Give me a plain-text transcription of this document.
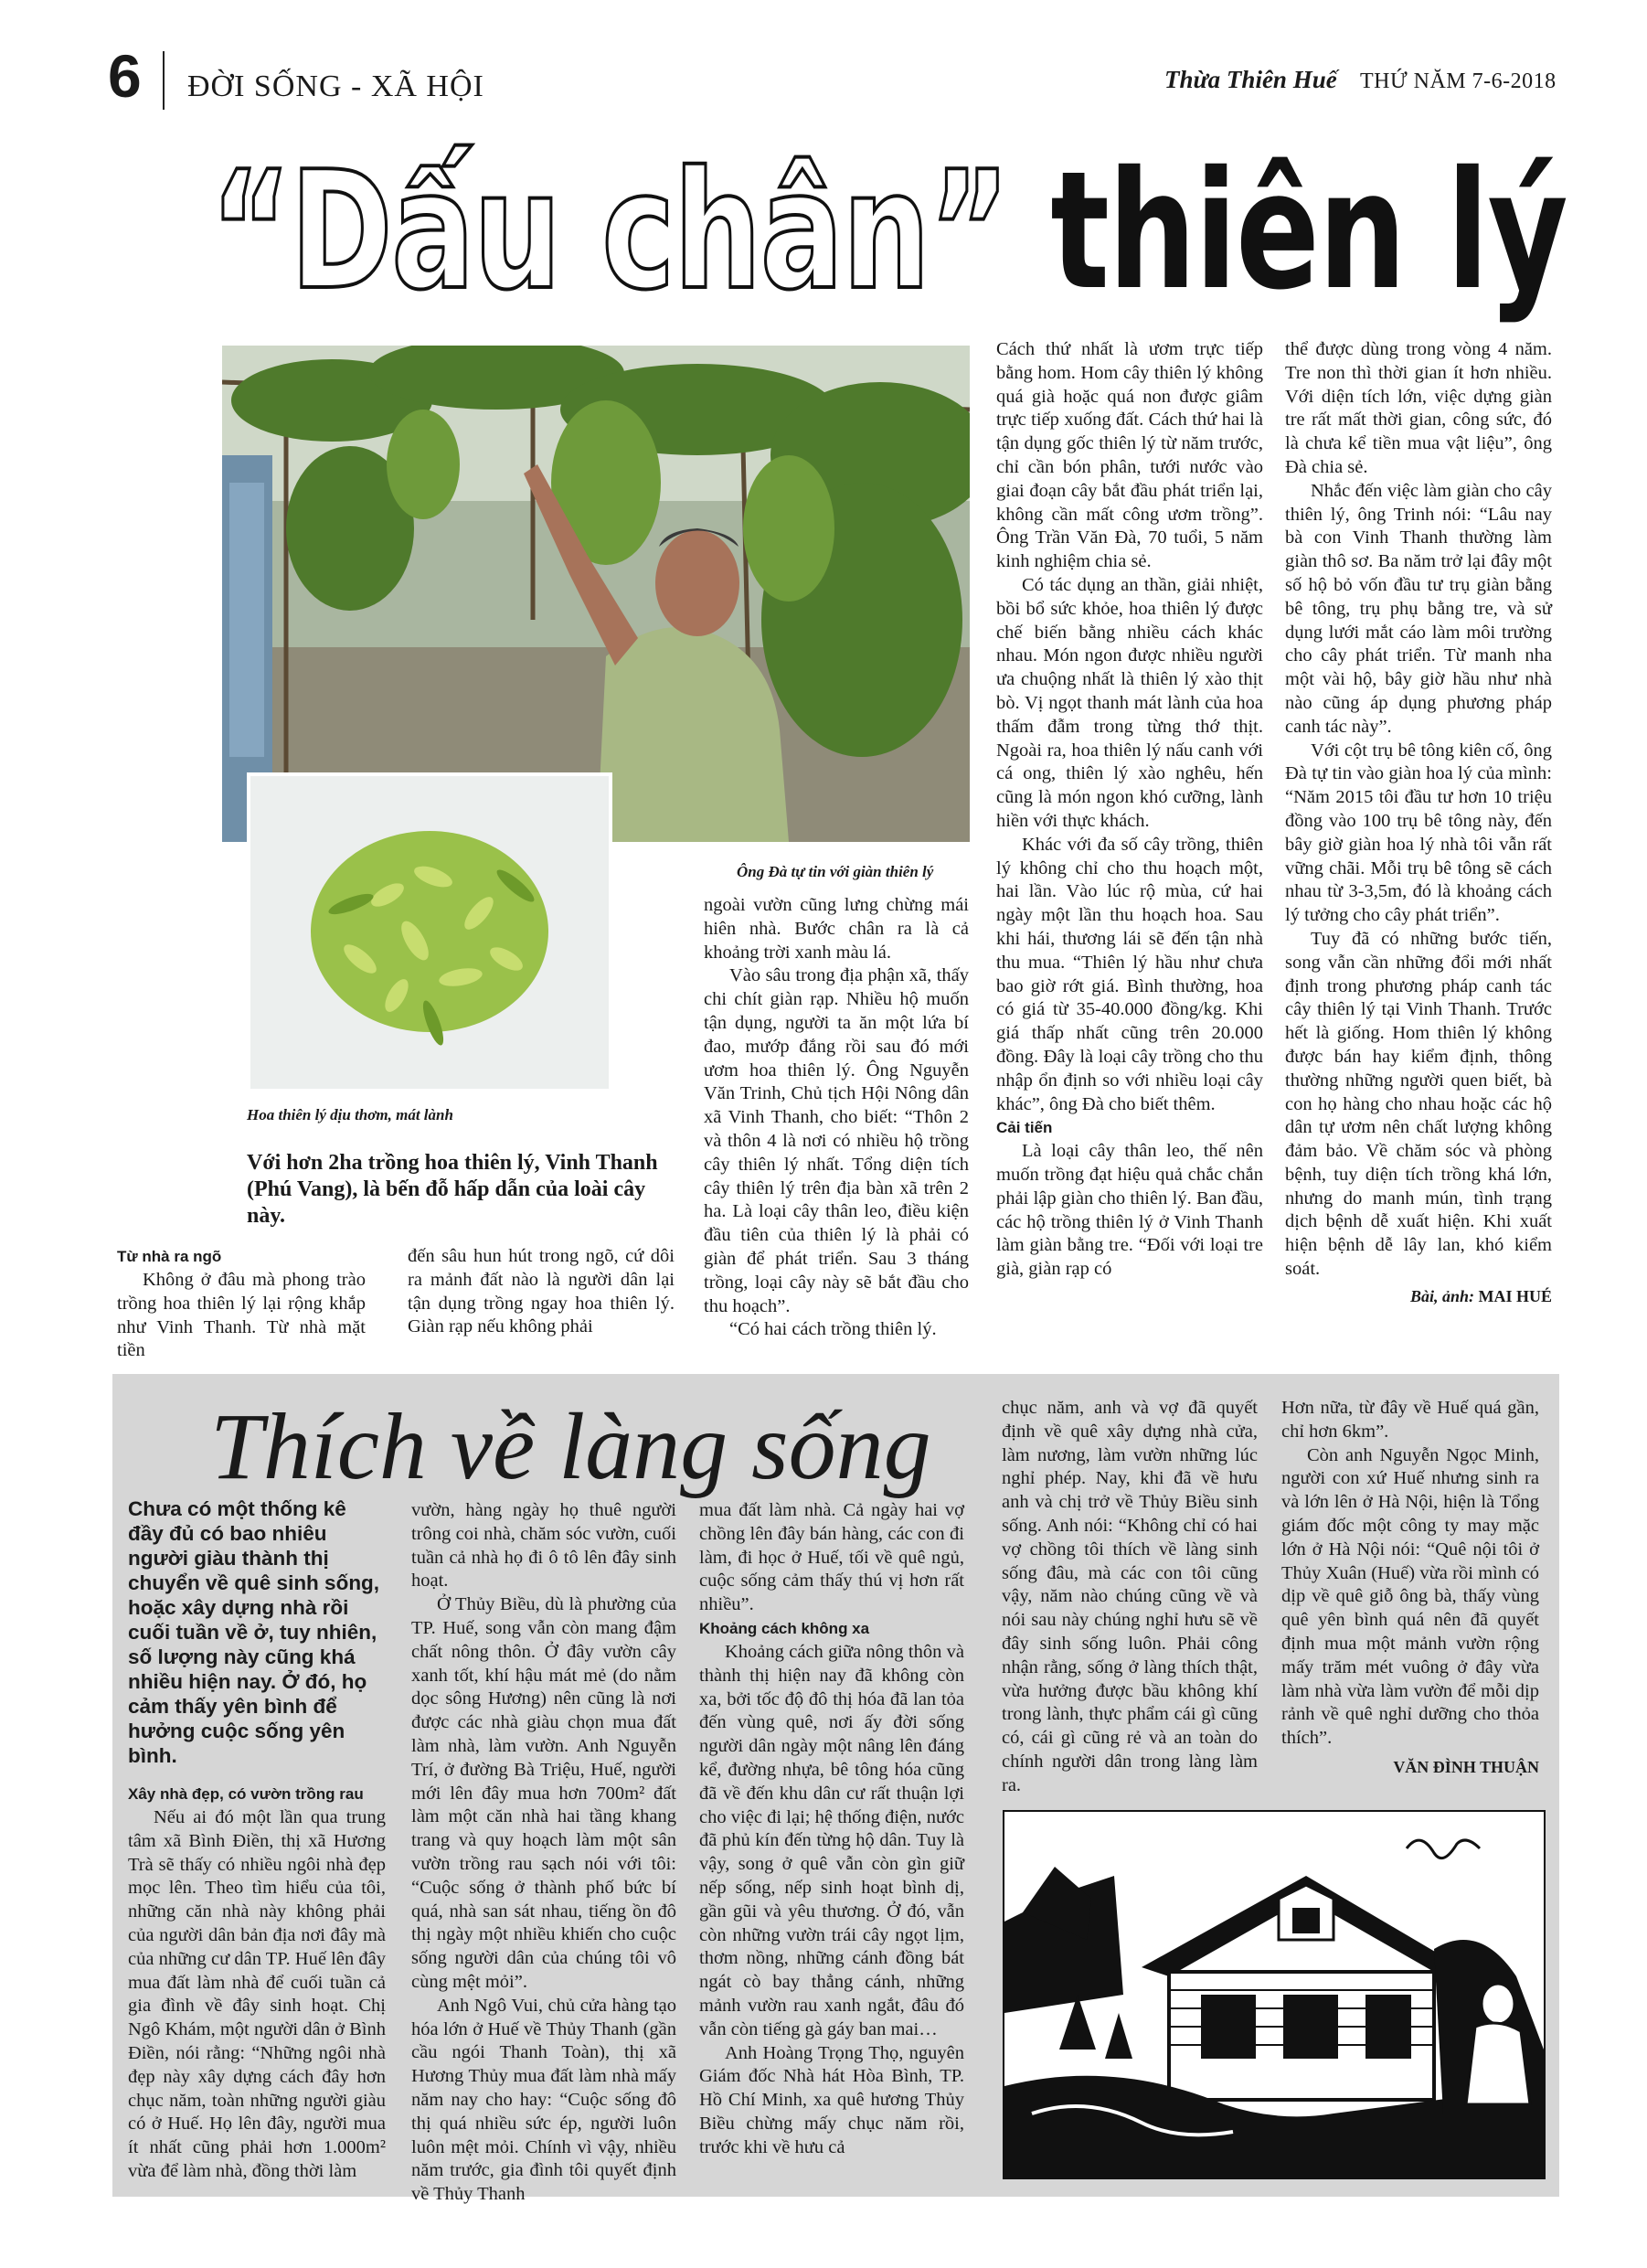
6 ĐỜI SỐNG - XÃ HỘI	Thừa Thiên Huế THỨ NĂM 7-6-2018
“Dấu chân” thiên lý
Ông Đà tự tin với giàn thiên lý
Hoa thiên lý dịu thơm, mát lành
Với hơn 2ha trồng hoa thiên lý, Vinh Thanh (Phú Vang), là bến đỗ hấp dẫn của loài cây này.

Từ nhà ra ngõ

Không ở đâu mà phong trào trồng hoa thiên lý lại rộng khắp như Vinh Thanh. Từ nhà mặt tiền

đến sâu hun hút trong ngõ, cứ dôi ra mảnh đất nào là người dân lại tận dụng trồng ngay hoa thiên lý. Giàn rạp nếu không phải

ngoài vườn cũng lưng chừng mái hiên nhà. Bước chân ra là cả khoảng trời xanh màu lá.

Vào sâu trong địa phận xã, thấy chi chít giàn rạp. Nhiều hộ muốn tận dụng, người ta ăn một lứa bí đao, mướp đắng rồi sau đó mới ươm hoa thiên lý. Ông Nguyễn Văn Trinh, Chủ tịch Hội Nông dân xã Vinh Thanh, cho biết: “Thôn 2 và thôn 4 là nơi có nhiều hộ trồng cây thiên lý nhất. Tổng diện tích cây thiên lý trên địa bàn xã trên 2 ha. Là loại cây thân leo, điều kiện đầu tiên của thiên lý là phải có giàn để phát triển. Sau 3 tháng trồng, loại cây này sẽ bắt đầu cho thu hoạch”.

“Có hai cách trồng thiên lý.

Cách thứ nhất là ươm trực tiếp bằng hom. Hom cây thiên lý không quá già hoặc quá non được giâm trực tiếp xuống đất. Cách thứ hai là tận dụng gốc thiên lý từ năm trước, chỉ cần bón phân, tưới nước vào giai đoạn cây bắt đầu phát triển lại, không cần mất công ươm trồng”. Ông Trần Văn Đà, 70 tuổi, 5 năm kinh nghiệm chia sẻ.

Có tác dụng an thần, giải nhiệt, bồi bổ sức khỏe, hoa thiên lý được chế biến bằng nhiều cách khác nhau. Món ngon được nhiều người ưa chuộng nhất là thiên lý xào thịt bò. Vị ngọt thanh mát lành của hoa thấm đẫm trong từng thớ thịt. Ngoài ra, hoa thiên lý nấu canh với cá ong, thiên lý xào nghêu, hến cũng là món ngon khó cưỡng, lành hiền với thực khách.

Khác với đa số cây trồng, thiên lý không chỉ cho thu hoạch một, hai lần. Vào lúc rộ mùa, cứ hai ngày một lần thu hoạch hoa. Sau khi hái, thương lái sẽ đến tận nhà thu mua. “Thiên lý hầu như chưa bao giờ rớt giá. Bình thường, hoa có giá từ 35-40.000 đồng/kg. Khi giá thấp nhất cũng trên 20.000 đồng. Đây là loại cây trồng cho thu nhập ổn định so với nhiều loại cây khác”, ông Đà cho biết thêm.

Cải tiến

Là loại cây thân leo, thế nên muốn trồng đạt hiệu quả chắc chắn phải lập giàn cho thiên lý. Ban đầu, các hộ trồng thiên lý ở Vinh Thanh làm giàn bằng tre. “Đối với loại tre già, giàn rạp có

thể được dùng trong vòng 4 năm. Tre non thì thời gian ít hơn nhiều. Với diện tích lớn, việc dựng giàn tre rất mất thời gian, công sức, đó là chưa kể tiền mua vật liệu”, ông Đà chia sẻ.

Nhắc đến việc làm giàn cho cây thiên lý, ông Trinh nói: “Lâu nay bà con Vinh Thanh thường làm giàn thô sơ. Ba năm trở lại đây một số hộ bỏ vốn đầu tư trụ giàn bằng bê tông, trụ phụ bằng tre, và sử dụng lưới mắt cáo làm môi trường cho cây phát triển. Từ manh nha một vài hộ, bây giờ hầu như nhà nào cũng áp dụng phương pháp canh tác này”.

Với cột trụ bê tông kiên cố, ông Đà tự tin vào giàn hoa lý của mình: “Năm 2015 tôi đầu tư hơn 10 triệu đồng vào 100 trụ bê tông này, đến bây giờ giàn hoa lý nhà tôi vẫn rất vững chãi. Mỗi trụ bê tông sẽ cách nhau từ 3-3,5m, đó là khoảng cách lý tưởng cho cây phát triển”.

Tuy đã có những bước tiến, song vẫn cần những đổi mới nhất định trong phương pháp canh tác cây thiên lý tại Vinh Thanh. Trước hết là giống. Hom thiên lý không được bán hay kiểm định, thông thường những người quen biết, bà con họ hàng cho nhau hoặc các hộ dân tự ươm nên chất lượng không đảm bảo. Về chăm sóc và phòng bệnh, tuy diện tích trồng khá lớn, nhưng do manh mún, tình trạng dịch bệnh dễ xuất hiện. Khi xuất hiện bệnh dễ lây lan, khó kiểm soát.

Bài, ảnh: MAI HUÉ
Thích về làng sống
Chưa có một thống kê đầy đủ có bao nhiêu người giàu thành thị chuyển về quê sinh sống, hoặc xây dựng nhà rồi cuối tuần về ở, tuy nhiên, số lượng này cũng khá nhiều hiện nay. Ở đó, họ cảm thấy yên bình để hưởng cuộc sống yên bình.

Xây nhà đẹp, có vườn trồng rau

Nếu ai đó một lần qua trung tâm xã Bình Điền, thị xã Hương Trà sẽ thấy có nhiều ngôi nhà đẹp mọc lên. Theo tìm hiểu của tôi, những căn nhà này không phải của người dân bản địa nơi đây mà của những cư dân TP. Huế lên đây mua đất làm nhà để cuối tuần cả gia đình về đây sinh hoạt. Chị Ngô Khám, một người dân ở Bình Điền, nói rằng: “Những ngôi nhà đẹp này xây dựng cách đây hơn chục năm, toàn những người giàu có ở Huế. Họ lên đây, người mua ít nhất cũng phải hơn 1.000m² vừa để làm nhà, đồng thời làm

vườn, hàng ngày họ thuê người trông coi nhà, chăm sóc vườn, cuối tuần cả nhà họ đi ô tô lên đây sinh hoạt.

Ở Thủy Biều, dù là phường của TP. Huế, song vẫn còn mang đậm chất nông thôn. Ở đây vườn cây xanh tốt, khí hậu mát mẻ (do nằm dọc sông Hương) nên cũng là nơi được các nhà giàu chọn mua đất làm nhà, làm vườn. Anh Nguyễn Trí, ở đường Bà Triệu, Huế, người mới lên đây mua hơn 700m² đất làm một căn nhà hai tầng khang trang và quy hoạch làm một sân vườn trồng rau sạch nói với tôi: “Cuộc sống ở thành phố bức bí quá, nhà san sát nhau, tiếng ồn đô thị ngày một nhiều khiến cho cuộc sống người dân của chúng tôi vô cùng mệt mỏi”.

Anh Ngô Vui, chủ cửa hàng tạo hóa lớn ở Huế về Thủy Thanh (gần cầu ngói Thanh Toàn), thị xã Hương Thủy mua đất làm nhà mấy năm nay cho hay: “Cuộc sống đô thị quá nhiều sức ép, người luôn luôn mệt mỏi. Chính vì vậy, nhiều năm trước, gia đình tôi quyết định về Thủy Thanh

mua đất làm nhà. Cả ngày hai vợ chồng lên đây bán hàng, các con đi làm, đi học ở Huế, tối về quê ngủ, cuộc sống cảm thấy thú vị hơn rất nhiều”.

Khoảng cách không xa

Khoảng cách giữa nông thôn và thành thị hiện nay đã không còn xa, bởi tốc độ đô thị hóa đã lan tỏa đến vùng quê, nơi ấy đời sống người dân ngày một nâng lên đáng kể, đường nhựa, bê tông hóa cũng đã về đến khu dân cư rất thuận lợi cho việc đi lại; hệ thống điện, nước đã phủ kín đến từng hộ dân. Tuy là vậy, song ở quê vẫn còn gìn giữ nếp sống, nếp sinh hoạt bình dị, gần gũi và yêu thương. Ở đó, vẫn còn những vườn trái cây ngọt lịm, thơm nồng, những cánh đồng bát ngát cò bay thẳng cánh, những mảnh vườn rau xanh ngắt, đâu đó vẫn còn tiếng gà gáy ban mai…

Anh Hoàng Trọng Thọ, nguyên Giám đốc Nhà hát Hòa Bình, TP. Hồ Chí Minh, xa quê hương Thủy Biều chừng mấy chục năm rồi, trước khi về hưu cả

chục năm, anh và vợ đã quyết định về quê xây dựng nhà cửa, làm nương, làm vườn những lúc nghỉ phép. Nay, khi đã về hưu anh và chị trở về Thủy Biều sinh sống. Anh nói: “Không chỉ có hai vợ chồng tôi thích về làng sinh sống đâu, mà các con tôi cũng vậy, năm nào chúng cũng về và nói sau này chúng nghỉ hưu sẽ về đây sinh sống luôn. Phải công nhận rằng, sống ở làng thích thật, vừa hưởng được bầu không khí trong lành, thực phẩm cái gì cũng có, cái gì cũng rẻ và an toàn do chính người dân trong làng làm ra.

Hơn nữa, từ đây về Huế quá gần, chỉ hơn 6km”.

Còn anh Nguyễn Ngọc Minh, người con xứ Huế nhưng sinh ra và lớn lên ở Hà Nội, hiện là Tổng giám đốc một công ty may mặc lớn ở Hà Nội nói: “Quê nội tôi ở Thủy Xuân (Huế) vừa rồi mình có dịp về quê giỗ ông bà, thấy vùng quê yên bình quá nên đã quyết định mua một mảnh vườn rộng mấy trăm mét vuông ở đây vừa làm nhà vừa làm vườn để mỗi dịp rảnh về quê nghỉ dưỡng cho thỏa thích”.

VĂN ĐÌNH THUẬN
